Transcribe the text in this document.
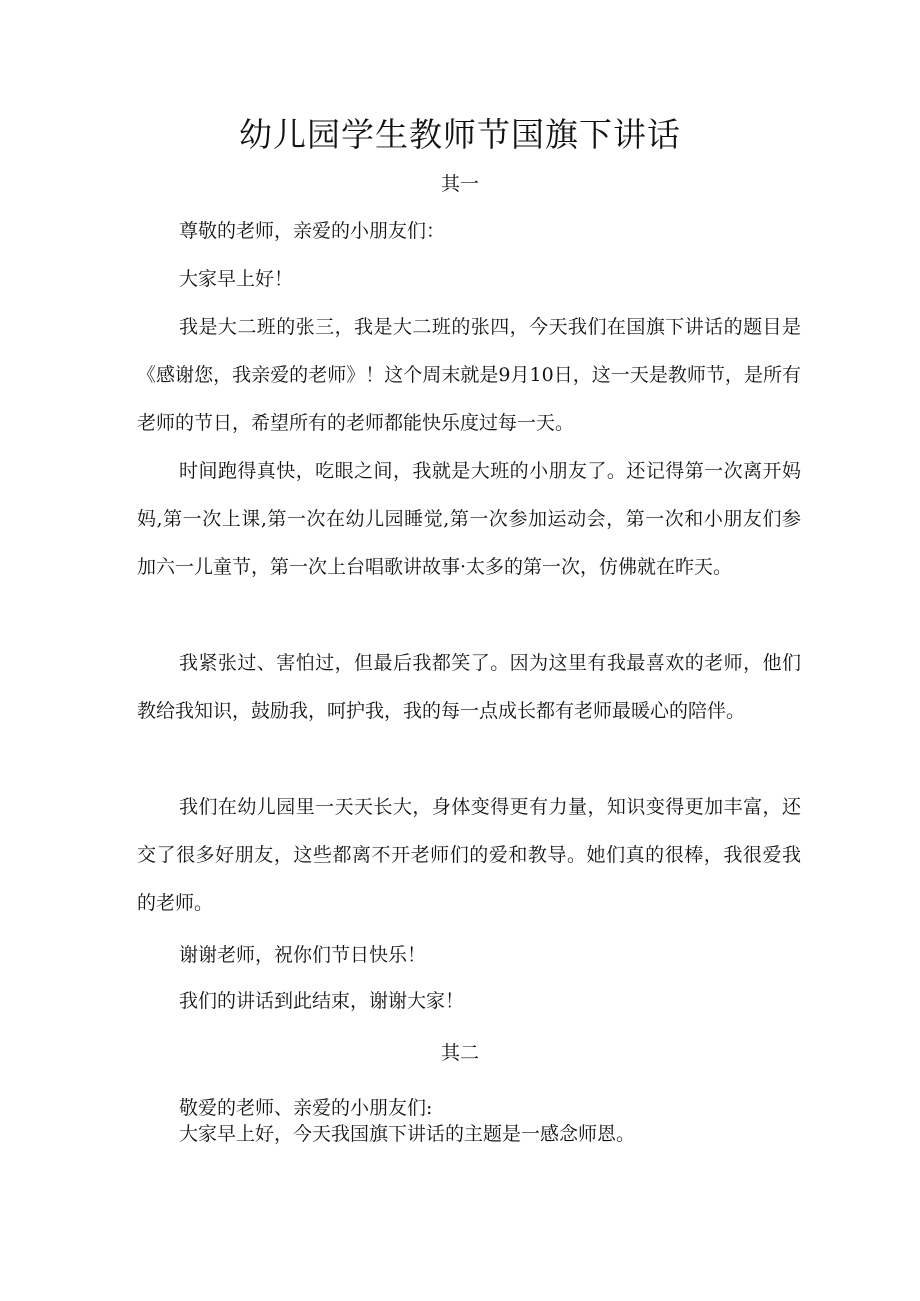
幼儿园学生教师节国旗下讲话
其一

尊敬的老师，亲爱的小朋友们：

大家早上好！

我是大二班的张三，我是大二班的张四，今天我们在国旗下讲话的题目是《感谢您，我亲爱的老师》！这个周末就是9月10日，这一天是教师节，是所有老师的节日，希望所有的老师都能快乐度过每一天。

时间跑得真快，吃眼之间，我就是大班的小朋友了。还记得第一次离开妈妈,第一次上课,第一次在幼儿园睡觉,第一次参加运动会，第一次和小朋友们参加六一儿童节，第一次上台唱歌讲故事·太多的第一次，仿佛就在昨天。

我紧张过、害怕过，但最后我都笑了。因为这里有我最喜欢的老师，他们教给我知识，鼓励我，呵护我，我的每一点成长都有老师最暖心的陪伴。

我们在幼儿园里一天天长大，身体变得更有力量，知识变得更加丰富，还交了很多好朋友，这些都离不开老师们的爱和教导。她们真的很棒，我很爱我的老师。

谢谢老师，祝你们节日快乐！

我们的讲话到此结束，谢谢大家！

其二

敬爱的老师、亲爱的小朋友们:

大家早上好，今天我国旗下讲话的主题是一感念师恩。
